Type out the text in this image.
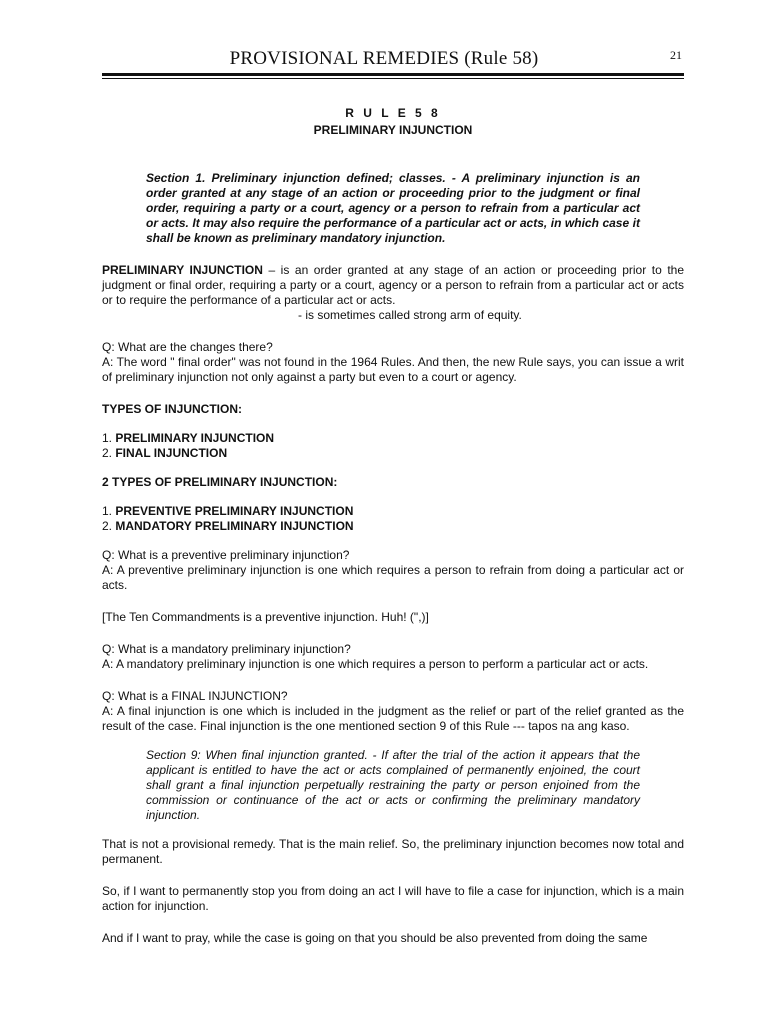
PROVISIONAL REMEDIES (Rule 58)	21
R U L E 5 8
PRELIMINARY INJUNCTION
Section 1. Preliminary injunction defined; classes. - A preliminary injunction is an order granted at any stage of an action or proceeding prior to the judgment or final order, requiring a party or a court, agency or a person to refrain from a particular act or acts. It may also require the performance of a particular act or acts, in which case it shall be known as preliminary mandatory injunction.

PRELIMINARY INJUNCTION – is an order granted at any stage of an action or proceeding prior to the judgment or final order, requiring a party or a court, agency or a person to refrain from a particular act or acts or to require the performance of a particular act or acts.

- is sometimes called strong arm of equity.

Q: What are the changes there?

A: The word " final order" was not found in the 1964 Rules. And then, the new Rule says, you can issue a writ of preliminary injunction not only against a party but even to a court or agency.

TYPES OF INJUNCTION:

1. PRELIMINARY INJUNCTION
2. FINAL INJUNCTION

2 TYPES OF PRELIMINARY INJUNCTION:

1. PREVENTIVE PRELIMINARY INJUNCTION
2. MANDATORY PRELIMINARY INJUNCTION

Q: What is a preventive preliminary injunction?

A: A preventive preliminary injunction is one which requires a person to refrain from doing a particular act or acts.

[The Ten Commandments is a preventive injunction. Huh! (",)]

Q: What is a mandatory preliminary injunction?

A: A mandatory preliminary injunction is one which requires a person to perform a particular act or acts.

Q: What is a FINAL INJUNCTION?

A: A final injunction is one which is included in the judgment as the relief or part of the relief granted as the result of the case. Final injunction is the one mentioned section 9 of this Rule --- tapos na ang kaso.

Section 9: When final injunction granted. - If after the trial of the action it appears that the applicant is entitled to have the act or acts complained of permanently enjoined, the court shall grant a final injunction perpetually restraining the party or person enjoined from the commission or continuance of the act or acts or confirming the preliminary mandatory injunction.

That is not a provisional remedy. That is the main relief. So, the preliminary injunction becomes now total and permanent.

So, if I want to permanently stop you from doing an act I will have to file a case for injunction, which is a main action for injunction.

And if I want to pray, while the case is going on that you should be also prevented from doing the same
